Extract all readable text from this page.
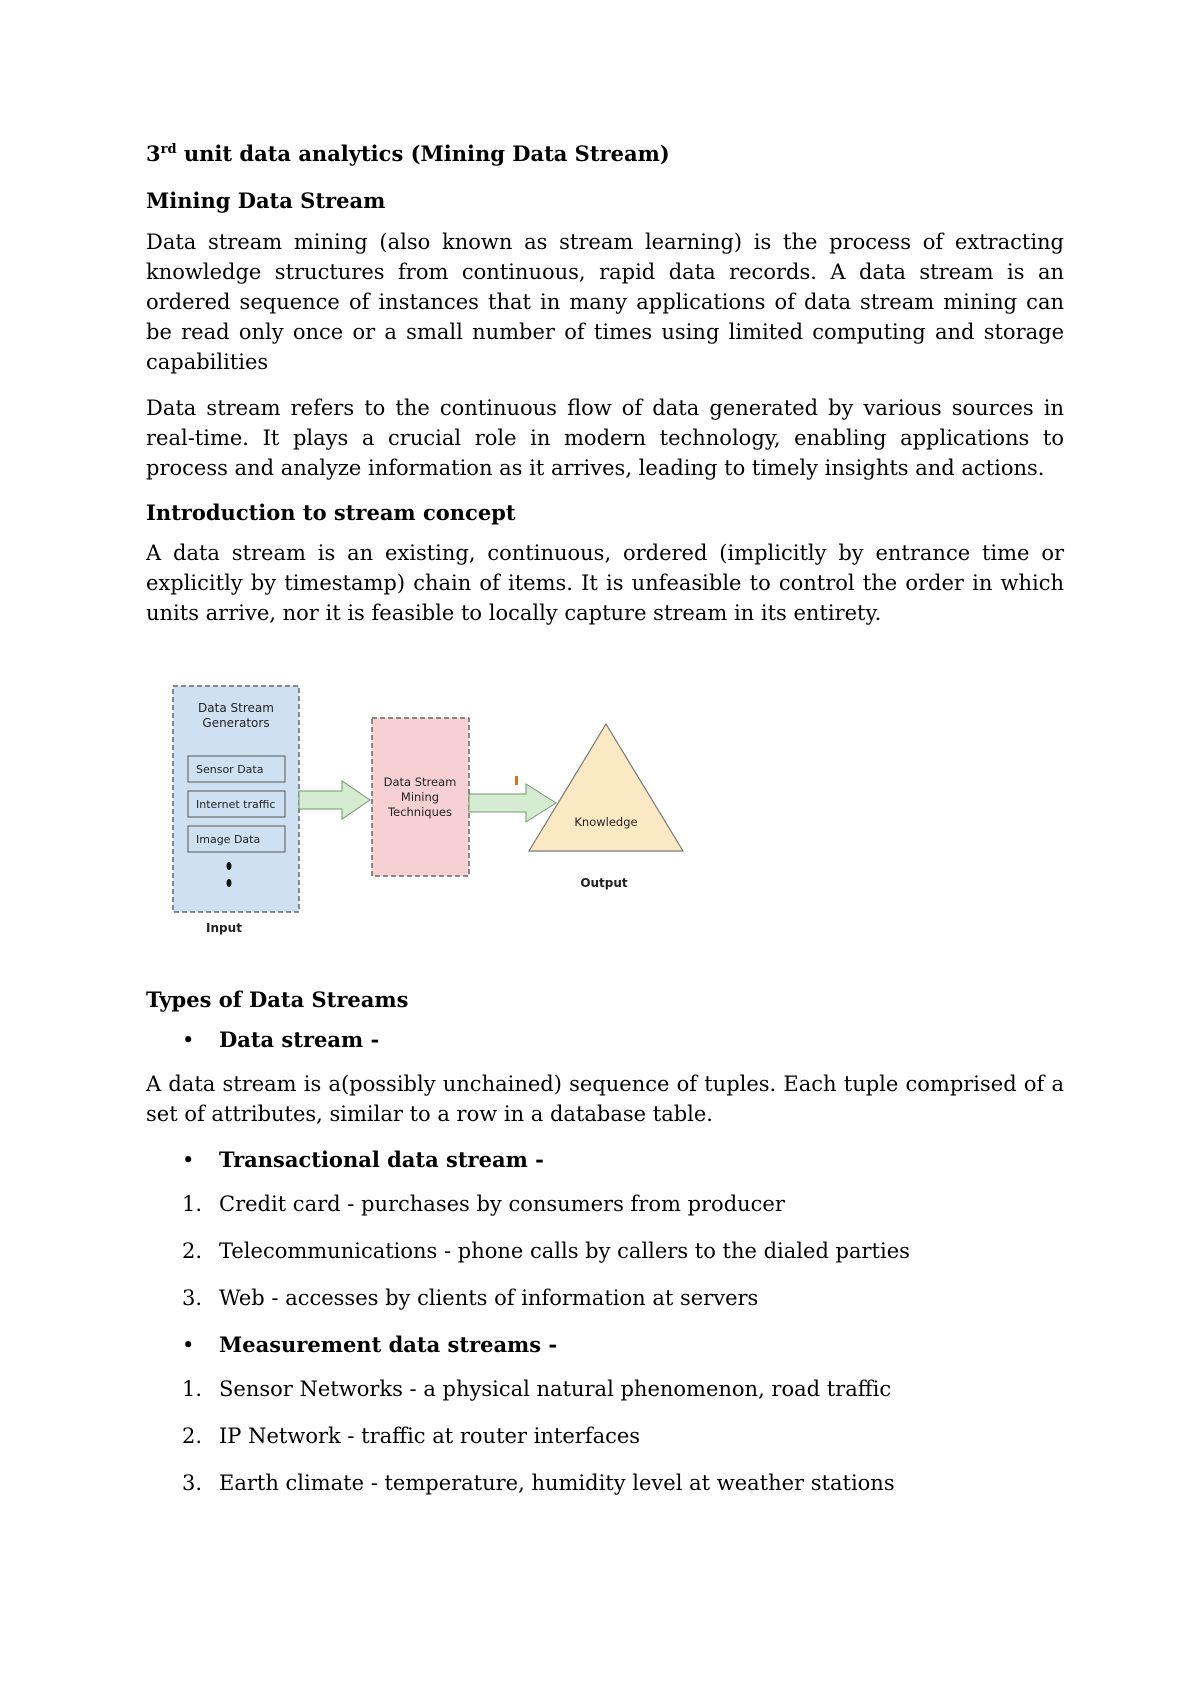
3rd unit data analytics (Mining Data Stream)
Mining Data Stream

Data stream mining (also known as stream learning) is the process of extracting knowledge structures from continuous, rapid data records. A data stream is an ordered sequence of instances that in many applications of data stream mining can be read only once or a small number of times using limited computing and storage capabilities

Data stream refers to the continuous flow of data generated by various sources in real-time. It plays a crucial role in modern technology, enabling applications to process and analyze information as it arrives, leading to timely insights and actions.

Introduction to stream concept

A data stream is an existing, continuous, ordered (implicitly by entrance time or explicitly by timestamp) chain of items. It is unfeasible to control the order in which units arrive, nor it is feasible to locally capture stream in its entirety.

Data Stream
Generators
Sensor Data
Internet traffic
Image Data
Data Stream
Mining
Techniques
Knowledge
Output
Input
Types of Data Streams
• Data stream -

A data stream is a(possibly unchained) sequence of tuples. Each tuple comprised of a set of attributes, similar to a row in a database table.

• Transactional data stream -
1. Credit card - purchases by consumers from producer
2. Telecommunications - phone calls by callers to the dialed parties
3. Web - accesses by clients of information at servers
• Measurement data streams -
1. Sensor Networks - a physical natural phenomenon, road traffic
2. IP Network - traffic at router interfaces
3. Earth climate - temperature, humidity level at weather stations
